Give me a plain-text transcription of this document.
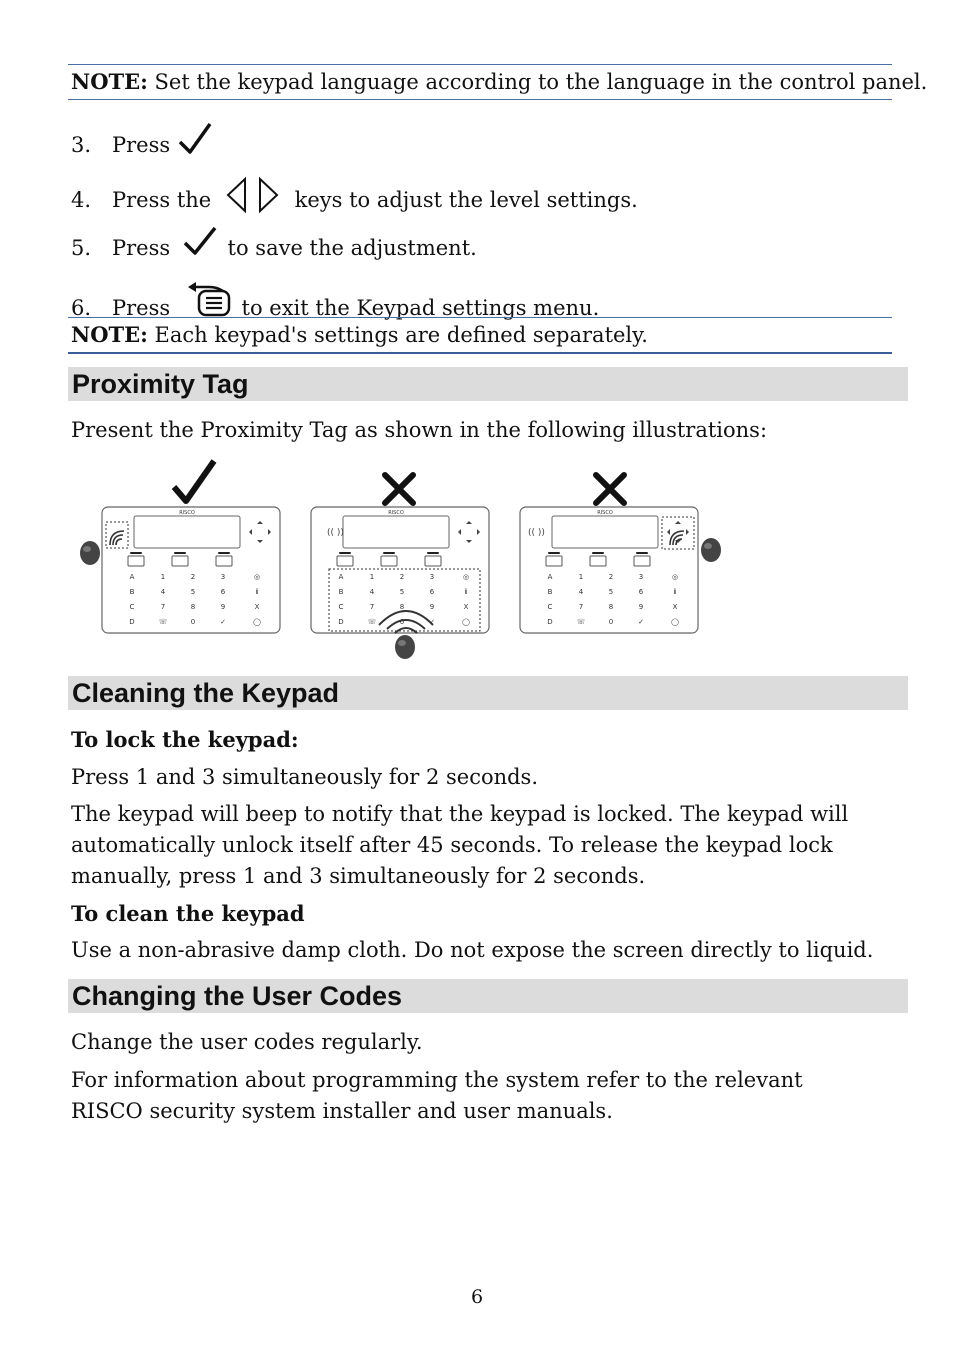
NOTE: Set the keypad language according to the language in the control panel.
3. Press
4. Press the	keys to adjust the level settings.
5. Press	to save the adjustment.
6. Press	to exit the Keypad settings menu.
NOTE: Each keypad's settings are defined separately.
Proximity Tag
Present the Proximity Tag as shown in the following illustrations:
(( ))	(( ))
Cleaning the Keypad
To lock the keypad:
Press 1 and 3 simultaneously for 2 seconds.
The keypad will beep to notify that the keypad is locked. The keypad will automatically unlock itself after 45 seconds. To release the keypad lock manually, press 1 and 3 simultaneously for 2 seconds.
To clean the keypad
Use a non-abrasive damp cloth. Do not expose the screen directly to liquid.
Changing the User Codes
Change the user codes regularly.
For information about programming the system refer to the relevant RISCO security system installer and user manuals.
6
